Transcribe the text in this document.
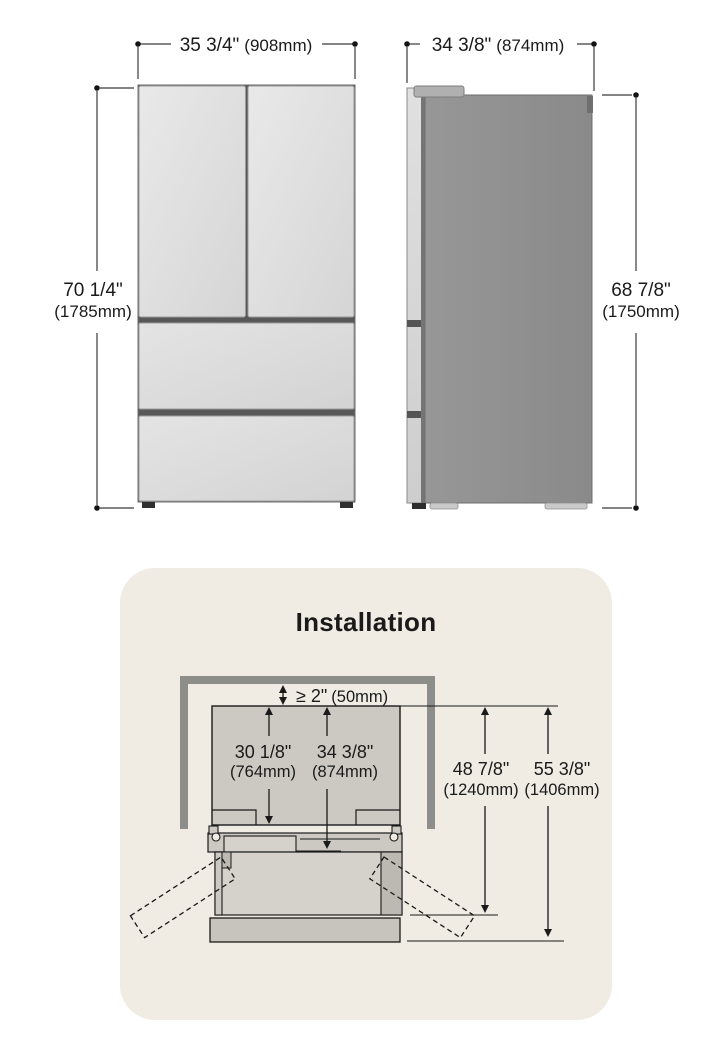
35 3/4" (908mm)
70 1/4"
(1785mm)
34 3/8" (874mm)
68 7/8"
(1750mm)
Installation
≥ 2" (50mm)
30 1/8"
(764mm)
34 3/8"
(874mm)	48 7/8"
(1240mm)
55 3/8"
(1406mm)
